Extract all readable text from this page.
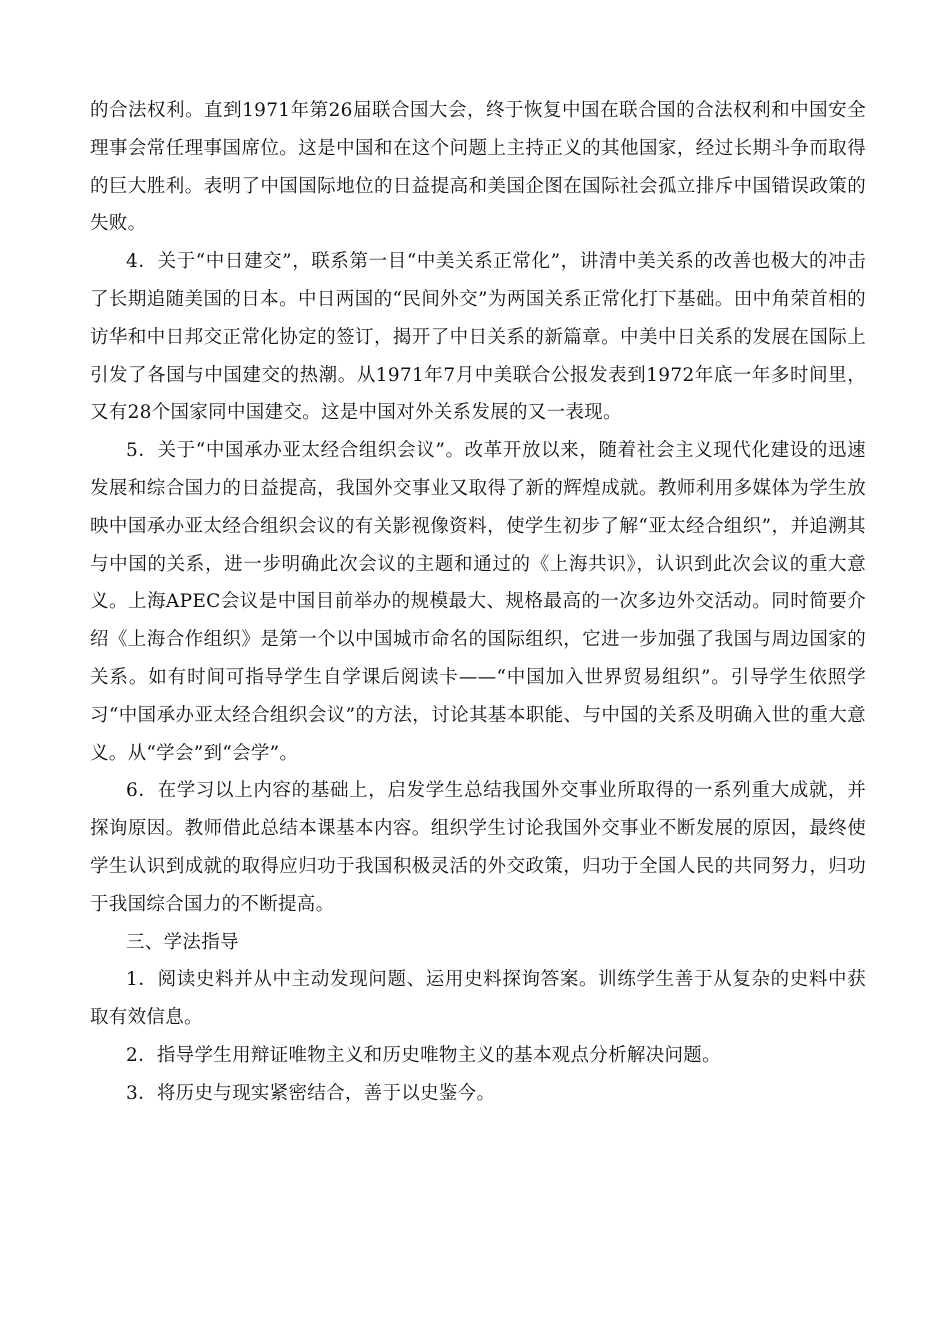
的合法权利。直到1971年第26届联合国大会，终于恢复中国在联合国的合法权利和中国安全理事会常任理事国席位。这是中国和在这个问题上主持正义的其他国家，经过长期斗争而取得的巨大胜利。表明了中国国际地位的日益提高和美国企图在国际社会孤立排斥中国错误政策的失败。

4．关于“中日建交”，联系第一目“中美关系正常化”，讲清中美关系的改善也极大的冲击了长期追随美国的日本。中日两国的“民间外交”为两国关系正常化打下基础。田中角荣首相的访华和中日邦交正常化协定的签订，揭开了中日关系的新篇章。中美中日关系的发展在国际上引发了各国与中国建交的热潮。从1971年7月中美联合公报发表到1972年底一年多时间里，又有28个国家同中国建交。这是中国对外关系发展的又一表现。

5．关于“中国承办亚太经合组织会议”。改革开放以来，随着社会主义现代化建设的迅速发展和综合国力的日益提高，我国外交事业又取得了新的辉煌成就。教师利用多媒体为学生放映中国承办亚太经合组织会议的有关影视像资料，使学生初步了解“亚太经合组织”，并追溯其与中国的关系，进一步明确此次会议的主题和通过的《上海共识》，认识到此次会议的重大意义。上海APEC会议是中国目前举办的规模最大、规格最高的一次多边外交活动。同时简要介绍《上海合作组织》是第一个以中国城市命名的国际组织，它进一步加强了我国与周边国家的关系。如有时间可指导学生自学课后阅读卡——“中国加入世界贸易组织”。引导学生依照学习“中国承办亚太经合组织会议”的方法，讨论其基本职能、与中国的关系及明确入世的重大意义。从“学会”到“会学”。

6．在学习以上内容的基础上，启发学生总结我国外交事业所取得的一系列重大成就，并探询原因。教师借此总结本课基本内容。组织学生讨论我国外交事业不断发展的原因，最终使学生认识到成就的取得应归功于我国积极灵活的外交政策，归功于全国人民的共同努力，归功于我国综合国力的不断提高。

三、学法指导

1．阅读史料并从中主动发现问题、运用史料探询答案。训练学生善于从复杂的史料中获取有效信息。

2．指导学生用辩证唯物主义和历史唯物主义的基本观点分析解决问题。

3．将历史与现实紧密结合，善于以史鉴今。
